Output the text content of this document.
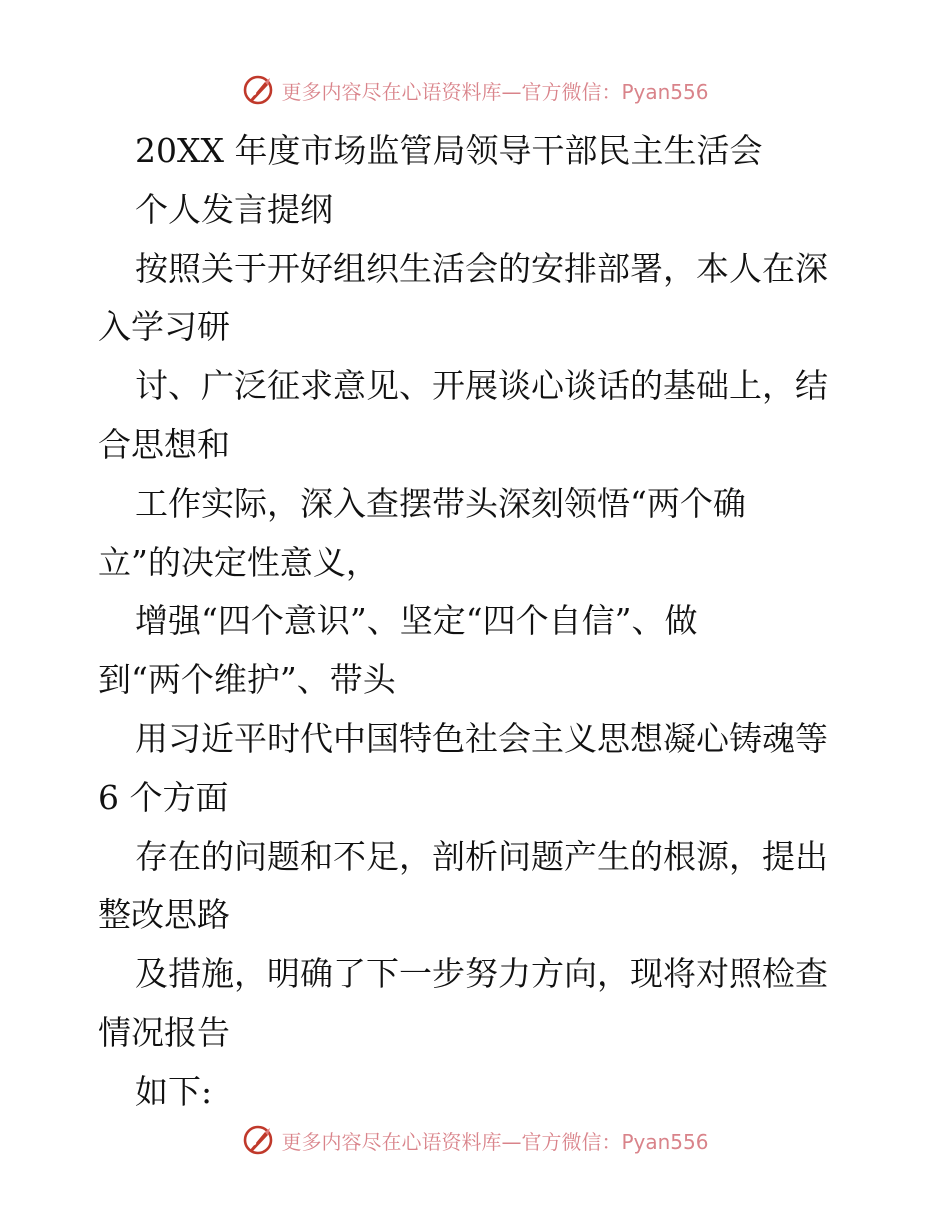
更多内容尽在心语资料库—官方微信：Pyan556
20XX 年度市场监管局领导干部民主生活会
个人发言提纲
按照关于开好组织生活会的安排部署，本人在深
入学习研
讨、广泛征求意见、开展谈心谈话的基础上，结
合思想和
工作实际，深入查摆带头深刻领悟“两个确
立”的决定性意义，
增强“四个意识”、坚定“四个自信”、做
到“两个维护”、带头
用习近平时代中国特色社会主义思想凝心铸魂等
6 个方面
存在的问题和不足，剖析问题产生的根源，提出
整改思路
及措施，明确了下一步努力方向，现将对照检查
情况报告
如下:
更多内容尽在心语资料库—官方微信：Pyan556
